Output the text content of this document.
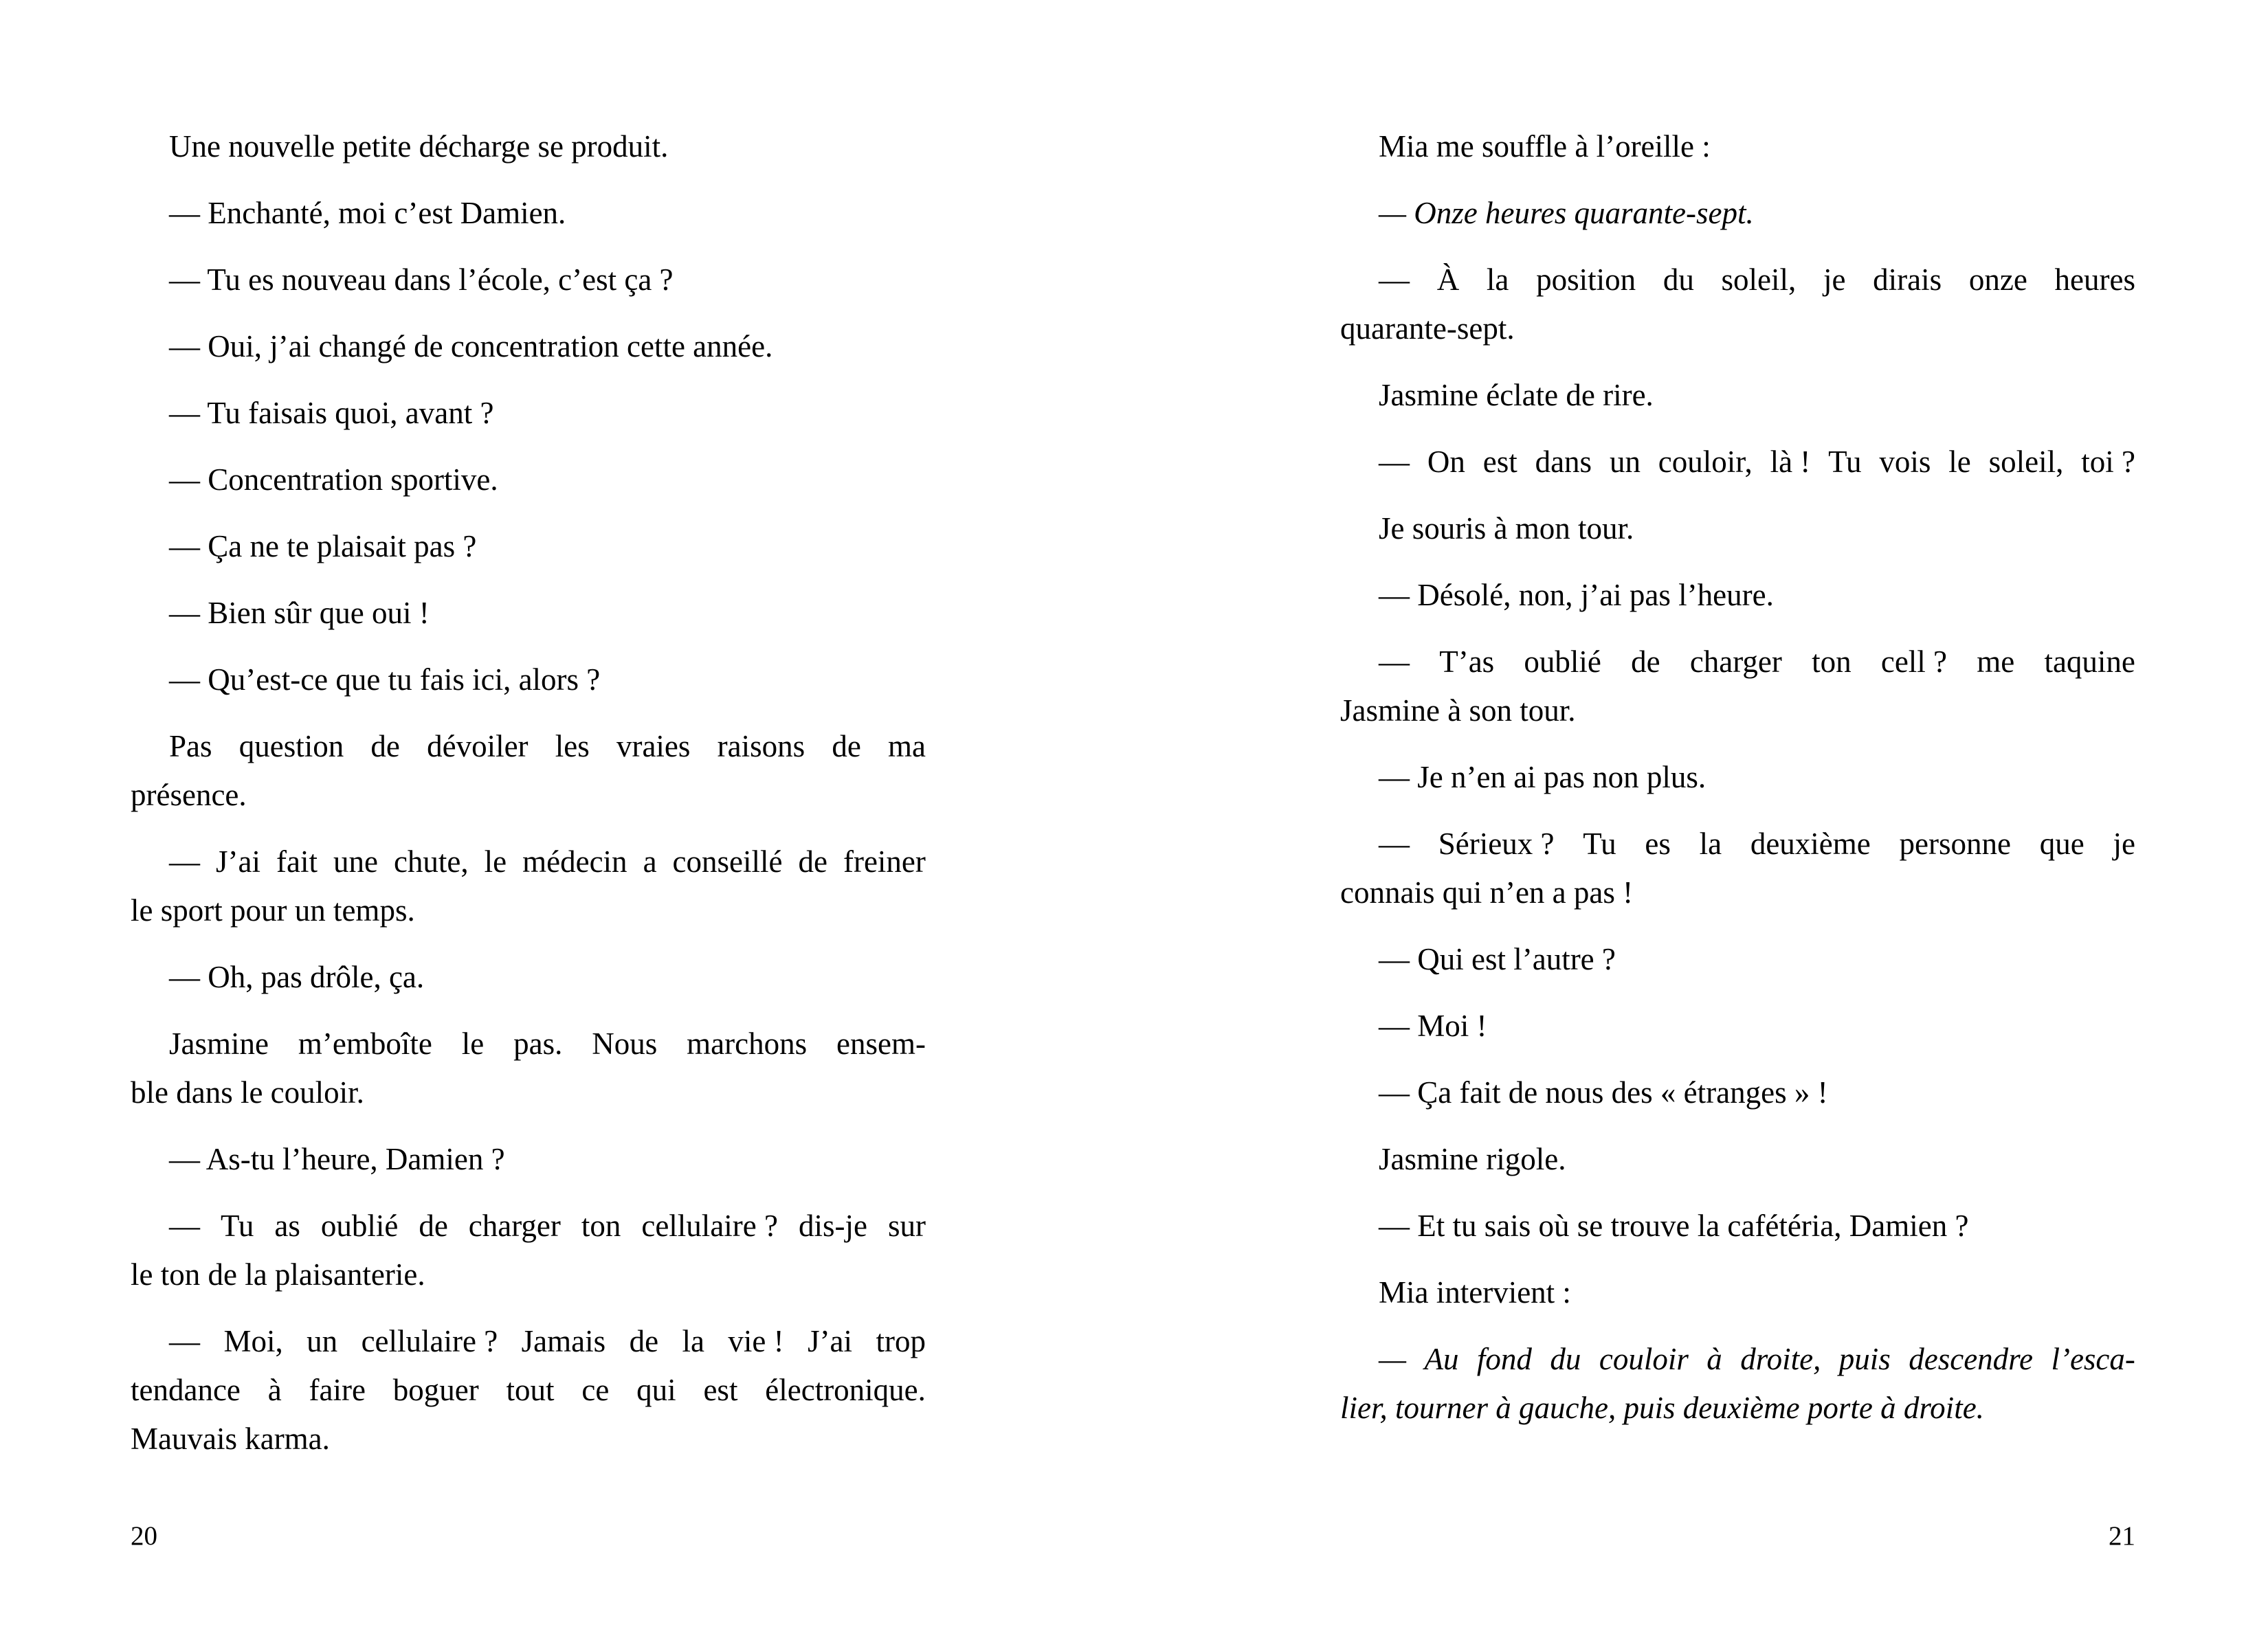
Une nouvelle petite décharge se produit.
— Enchanté, moi c’est Damien.
— Tu es nouveau dans l’école, c’est ça ?
— Oui, j’ai changé de concentration cette année.
— Tu faisais quoi, avant ?
— Concentration sportive.
— Ça ne te plaisait pas ?
— Bien sûr que oui !
— Qu’est-ce que tu fais ici, alors ?
Pas question de dévoiler les vraies raisons de ma
présence.
— J’ai fait une chute, le médecin a conseillé de freiner
le sport pour un temps.
— Oh, pas drôle, ça.
Jasmine m’emboîte le pas. Nous marchons ensem-
ble dans le couloir.
— As-tu l’heure, Damien ?
— Tu as oublié de charger ton cellulaire ? dis-je sur
le ton de la plaisanterie.
— Moi, un cellulaire ? Jamais de la vie ! J’ai trop
tendance à faire boguer tout ce qui est électronique.
Mauvais karma.
20
Mia me souffle à l’oreille :
— Onze heures quarante-sept.
— À la position du soleil, je dirais onze heures
quarante-sept.
Jasmine éclate de rire.
— On est dans un couloir, là ! Tu vois le soleil, toi ?
Je souris à mon tour.
— Désolé, non, j’ai pas l’heure.
— T’as oublié de charger ton cell ? me taquine
Jasmine à son tour.
— Je n’en ai pas non plus.
— Sérieux ? Tu es la deuxième personne que je
connais qui n’en a pas !
— Qui est l’autre ?
— Moi !
— Ça fait de nous des « étranges » !
Jasmine rigole.
— Et tu sais où se trouve la cafétéria, Damien ?
Mia intervient :
— Au fond du couloir à droite, puis descendre l’esca-
lier, tourner à gauche, puis deuxième porte à droite.
21
